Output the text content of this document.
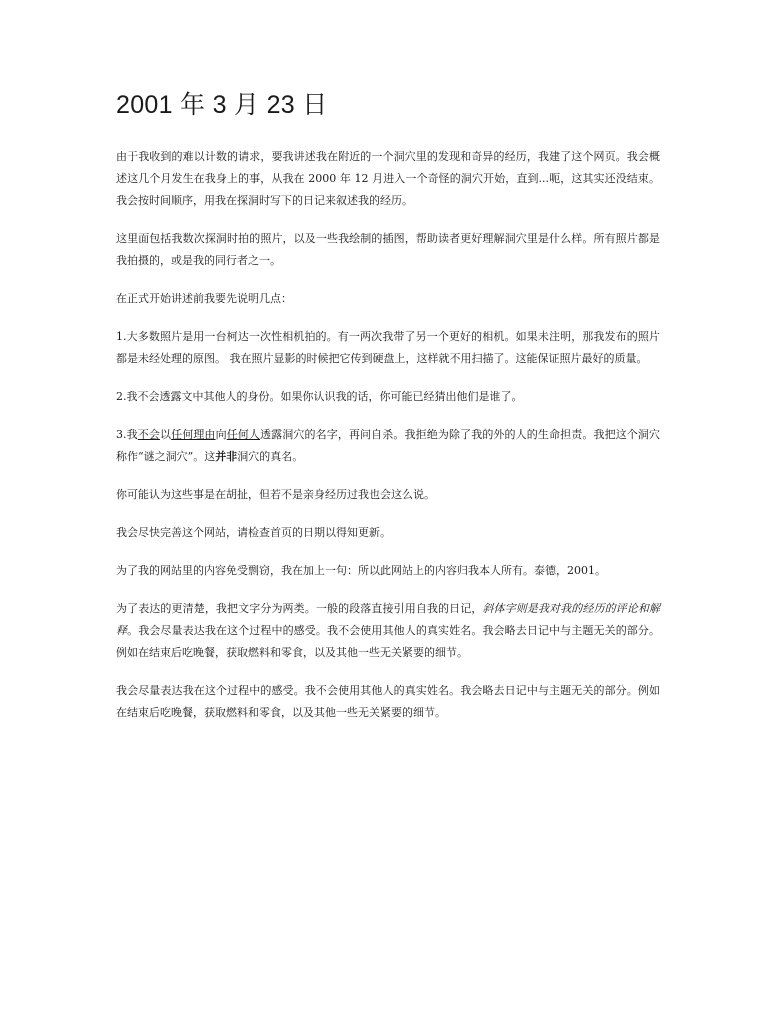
2001 年 3 月 23 日

由于我收到的难以计数的请求，要我讲述我在附近的一个洞穴里的发现和奇异的经历，我建了这个网页。我会概述这几个月发生在我身上的事，从我在 2000 年 12 月进入一个奇怪的洞穴开始，直到...呃，这其实还没结束。我会按时间顺序，用我在探洞时写下的日记来叙述我的经历。

这里面包括我数次探洞时拍的照片，以及一些我绘制的插图，帮助读者更好理解洞穴里是什么样。所有照片都是我拍摄的，或是我的同行者之一。

在正式开始讲述前我要先说明几点：

1.大多数照片是用一台柯达一次性相机拍的。有一两次我带了另一个更好的相机。如果未注明，那我发布的照片都是未经处理的原图。 我在照片显影的时候把它传到硬盘上，这样就不用扫描了。这能保证照片最好的质量。

2.我不会透露文中其他人的身份。如果你认识我的话，你可能已经猜出他们是谁了。

3.我不会以任何理由向任何人透露洞穴的名字，再问自杀。我拒绝为除了我的外的人的生命担责。我把这个洞穴称作“谜之洞穴”。这并非洞穴的真名。

你可能认为这些事是在胡扯，但若不是亲身经历过我也会这么说。

我会尽快完善这个网站，请检查首页的日期以得知更新。

为了我的网站里的内容免受剽窃，我在加上一句：所以此网站上的内容归我本人所有。泰德，2001。

为了表达的更清楚，我把文字分为两类。一般的段落直接引用自我的日记，斜体字则是我对我的经历的评论和解释。我会尽量表达我在这个过程中的感受。我不会使用其他人的真实姓名。我会略去日记中与主题无关的部分。例如在结束后吃晚餐，获取燃料和零食，以及其他一些无关紧要的细节。

我会尽量表达我在这个过程中的感受。我不会使用其他人的真实姓名。我会略去日记中与主题无关的部分。例如在结束后吃晚餐，获取燃料和零食，以及其他一些无关紧要的细节。
